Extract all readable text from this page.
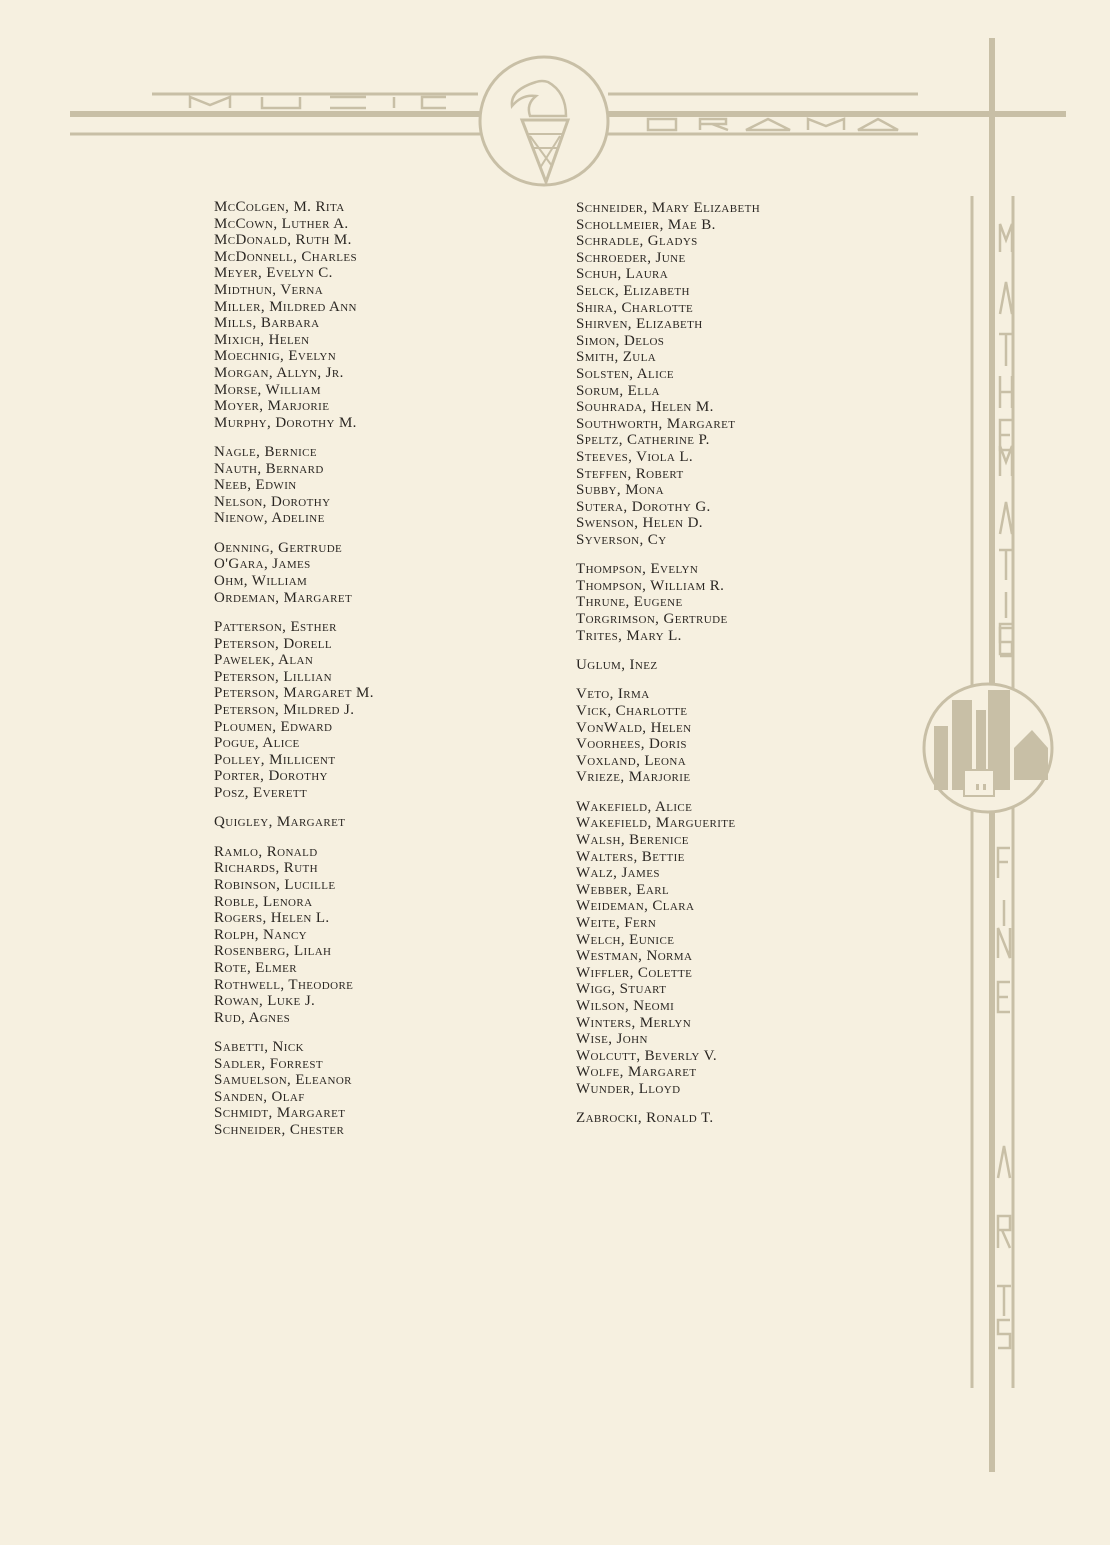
McColgen, M. Rita
McCown, Luther A.
McDonald, Ruth M.
McDonnell, Charles
Meyer, Evelyn C.
Midthun, Verna
Miller, Mildred Ann
Mills, Barbara
Mixich, Helen
Moechnig, Evelyn
Morgan, Allyn, Jr.
Morse, William
Moyer, Marjorie
Murphy, Dorothy M.
Nagle, Bernice
Nauth, Bernard
Neeb, Edwin
Nelson, Dorothy
Nienow, Adeline
Oenning, Gertrude
O'Gara, James
Ohm, William
Ordeman, Margaret
Patterson, Esther
Peterson, Dorell
Pawelek, Alan
Peterson, Lillian
Peterson, Margaret M.
Peterson, Mildred J.
Ploumen, Edward
Pogue, Alice
Polley, Millicent
Porter, Dorothy
Posz, Everett
Quigley, Margaret
Ramlo, Ronald
Richards, Ruth
Robinson, Lucille
Roble, Lenora
Rogers, Helen L.
Rolph, Nancy
Rosenberg, Lilah
Rote, Elmer
Rothwell, Theodore
Rowan, Luke J.
Rud, Agnes
Sabetti, Nick
Sadler, Forrest
Samuelson, Eleanor
Sanden, Olaf
Schmidt, Margaret
Schneider, Chester
Schneider, Mary Elizabeth
Schollmeier, Mae B.
Schradle, Gladys
Schroeder, June
Schuh, Laura
Selck, Elizabeth
Shira, Charlotte
Shirven, Elizabeth
Simon, Delos
Smith, Zula
Solsten, Alice
Sorum, Ella
Souhrada, Helen M.
Southworth, Margaret
Speltz, Catherine P.
Steeves, Viola L.
Steffen, Robert
Subby, Mona
Sutera, Dorothy G.
Swenson, Helen D.
Syverson, Cy
Thompson, Evelyn
Thompson, William R.
Thrune, Eugene
Torgrimson, Gertrude
Trites, Mary L.
Uglum, Inez
Veto, Irma
Vick, Charlotte
VonWald, Helen
Voorhees, Doris
Voxland, Leona
Vrieze, Marjorie
Wakefield, Alice
Wakefield, Marguerite
Walsh, Berenice
Walters, Bettie
Walz, James
Webber, Earl
Weideman, Clara
Weite, Fern
Welch, Eunice
Westman, Norma
Wiffler, Colette
Wigg, Stuart
Wilson, Neomi
Winters, Merlyn
Wise, John
Wolcutt, Beverly V.
Wolfe, Margaret
Wunder, Lloyd
Zabrocki, Ronald T.
